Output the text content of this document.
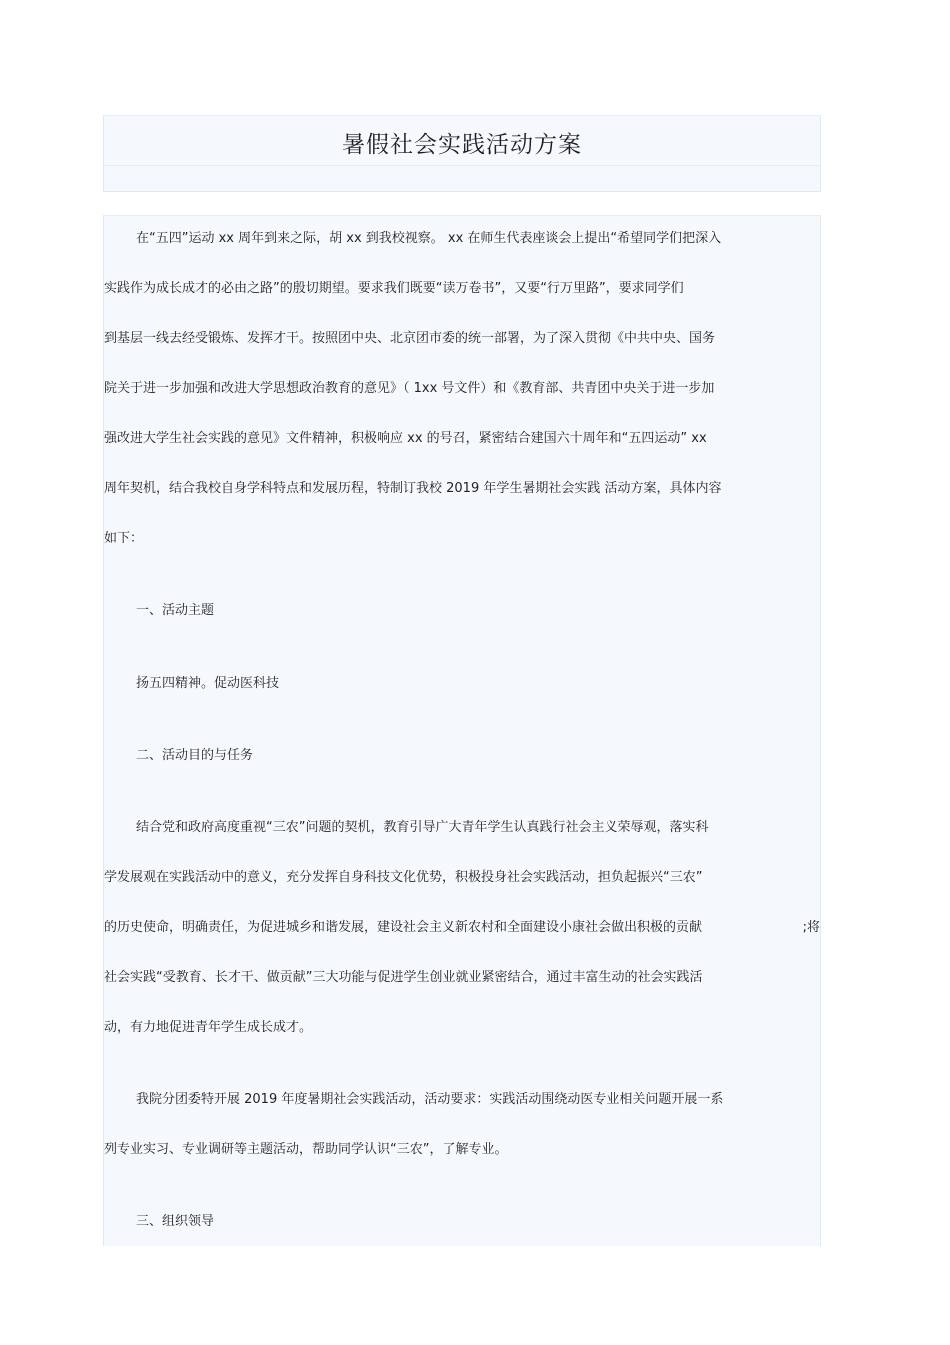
暑假社会实践活动方案
在“五四”运动 xx 周年到来之际，胡 xx 到我校视察。 xx 在师生代表座谈会上提出“希望同学们把深入
实践作为成长成才的必由之路”的殷切期望。要求我们既要“读万卷书”，又要“行万里路”，要求同学们
到基层一线去经受锻炼、发挥才干。按照团中央、北京团市委的统一部署，为了深入贯彻《中共中央、国务
院关于进一步加强和改进大学思想政治教育的意见》（ 1xx 号文件）和《教育部、共青团中央关于进一步加
强改进大学生社会实践的意见》文件精神，积极响应 xx 的号召，紧密结合建国六十周年和“五四运动” xx
周年契机，结合我校自身学科特点和发展历程，特制订我校 2019 年学生暑期社会实践 活动方案，具体内容
如下：
一、活动主题
扬五四精神。促动医科技
二、活动目的与任务
结合党和政府高度重视“三农”问题的契机，教育引导广大青年学生认真践行社会主义荣辱观，落实科
学发展观在实践活动中的意义，充分发挥自身科技文化优势，积极投身社会实践活动，担负起振兴“三农”
的历史使命，明确责任，为促进城乡和谐发展，建设社会主义新农村和全面建设小康社会做出积极的贡献	;将
社会实践“受教育、长才干、做贡献”三大功能与促进学生创业就业紧密结合，通过丰富生动的社会实践活
动，有力地促进青年学生成长成才。
我院分团委特开展 2019 年度暑期社会实践活动，活动要求：实践活动围绕动医专业相关问题开展一系
列专业实习、专业调研等主题活动，帮助同学认识“三农”，了解专业。
三、组织领导
